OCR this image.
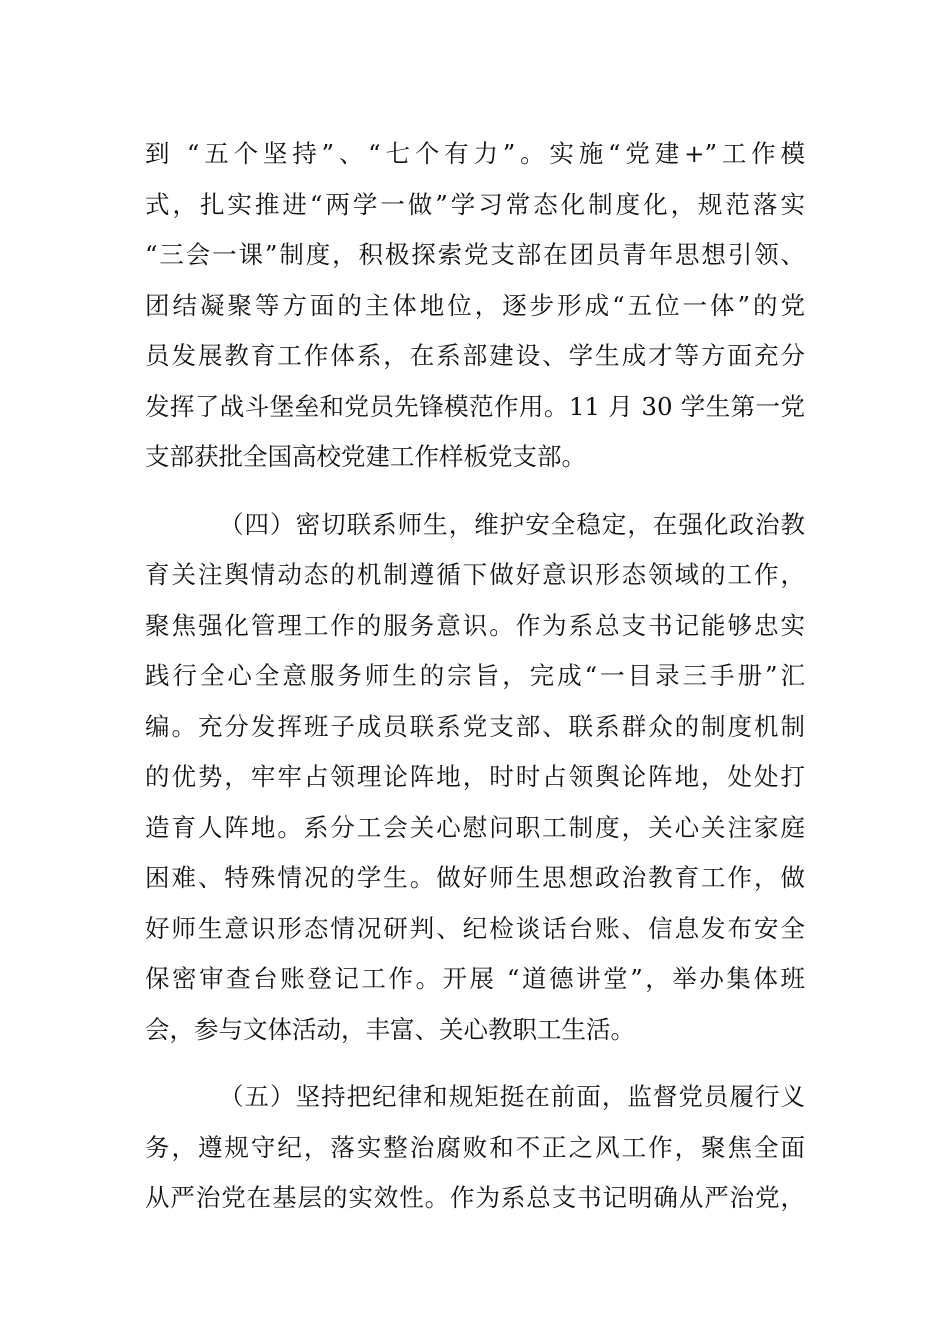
到 “五个坚持”、“七个有力”。实施“党建+”工作模
式，扎实推进“两学一做”学习常态化制度化，规范落实
“三会一课”制度，积极探索党支部在团员青年思想引领、
团结凝聚等方面的主体地位，逐步形成“五位一体”的党
员发展教育工作体系，在系部建设、学生成才等方面充分
发挥了战斗堡垒和党员先锋模范作用。11 月 30 学生第一党
支部获批全国高校党建工作样板党支部。
（四）密切联系师生，维护安全稳定，在强化政治教
育关注舆情动态的机制遵循下做好意识形态领域的工作，
聚焦强化管理工作的服务意识。作为系总支书记能够忠实
践行全心全意服务师生的宗旨，完成“一目录三手册”汇
编。充分发挥班子成员联系党支部、联系群众的制度机制
的优势，牢牢占领理论阵地，时时占领舆论阵地，处处打
造育人阵地。系分工会关心慰问职工制度，关心关注家庭
困难、特殊情况的学生。做好师生思想政治教育工作，做
好师生意识形态情况研判、纪检谈话台账、信息发布安全
保密审查台账登记工作。开展 “道德讲堂”，举办集体班
会，参与文体活动，丰富、关心教职工生活。
（五）坚持把纪律和规矩挺在前面，监督党员履行义
务，遵规守纪，落实整治腐败和不正之风工作，聚焦全面
从严治党在基层的实效性。作为系总支书记明确从严治党，
